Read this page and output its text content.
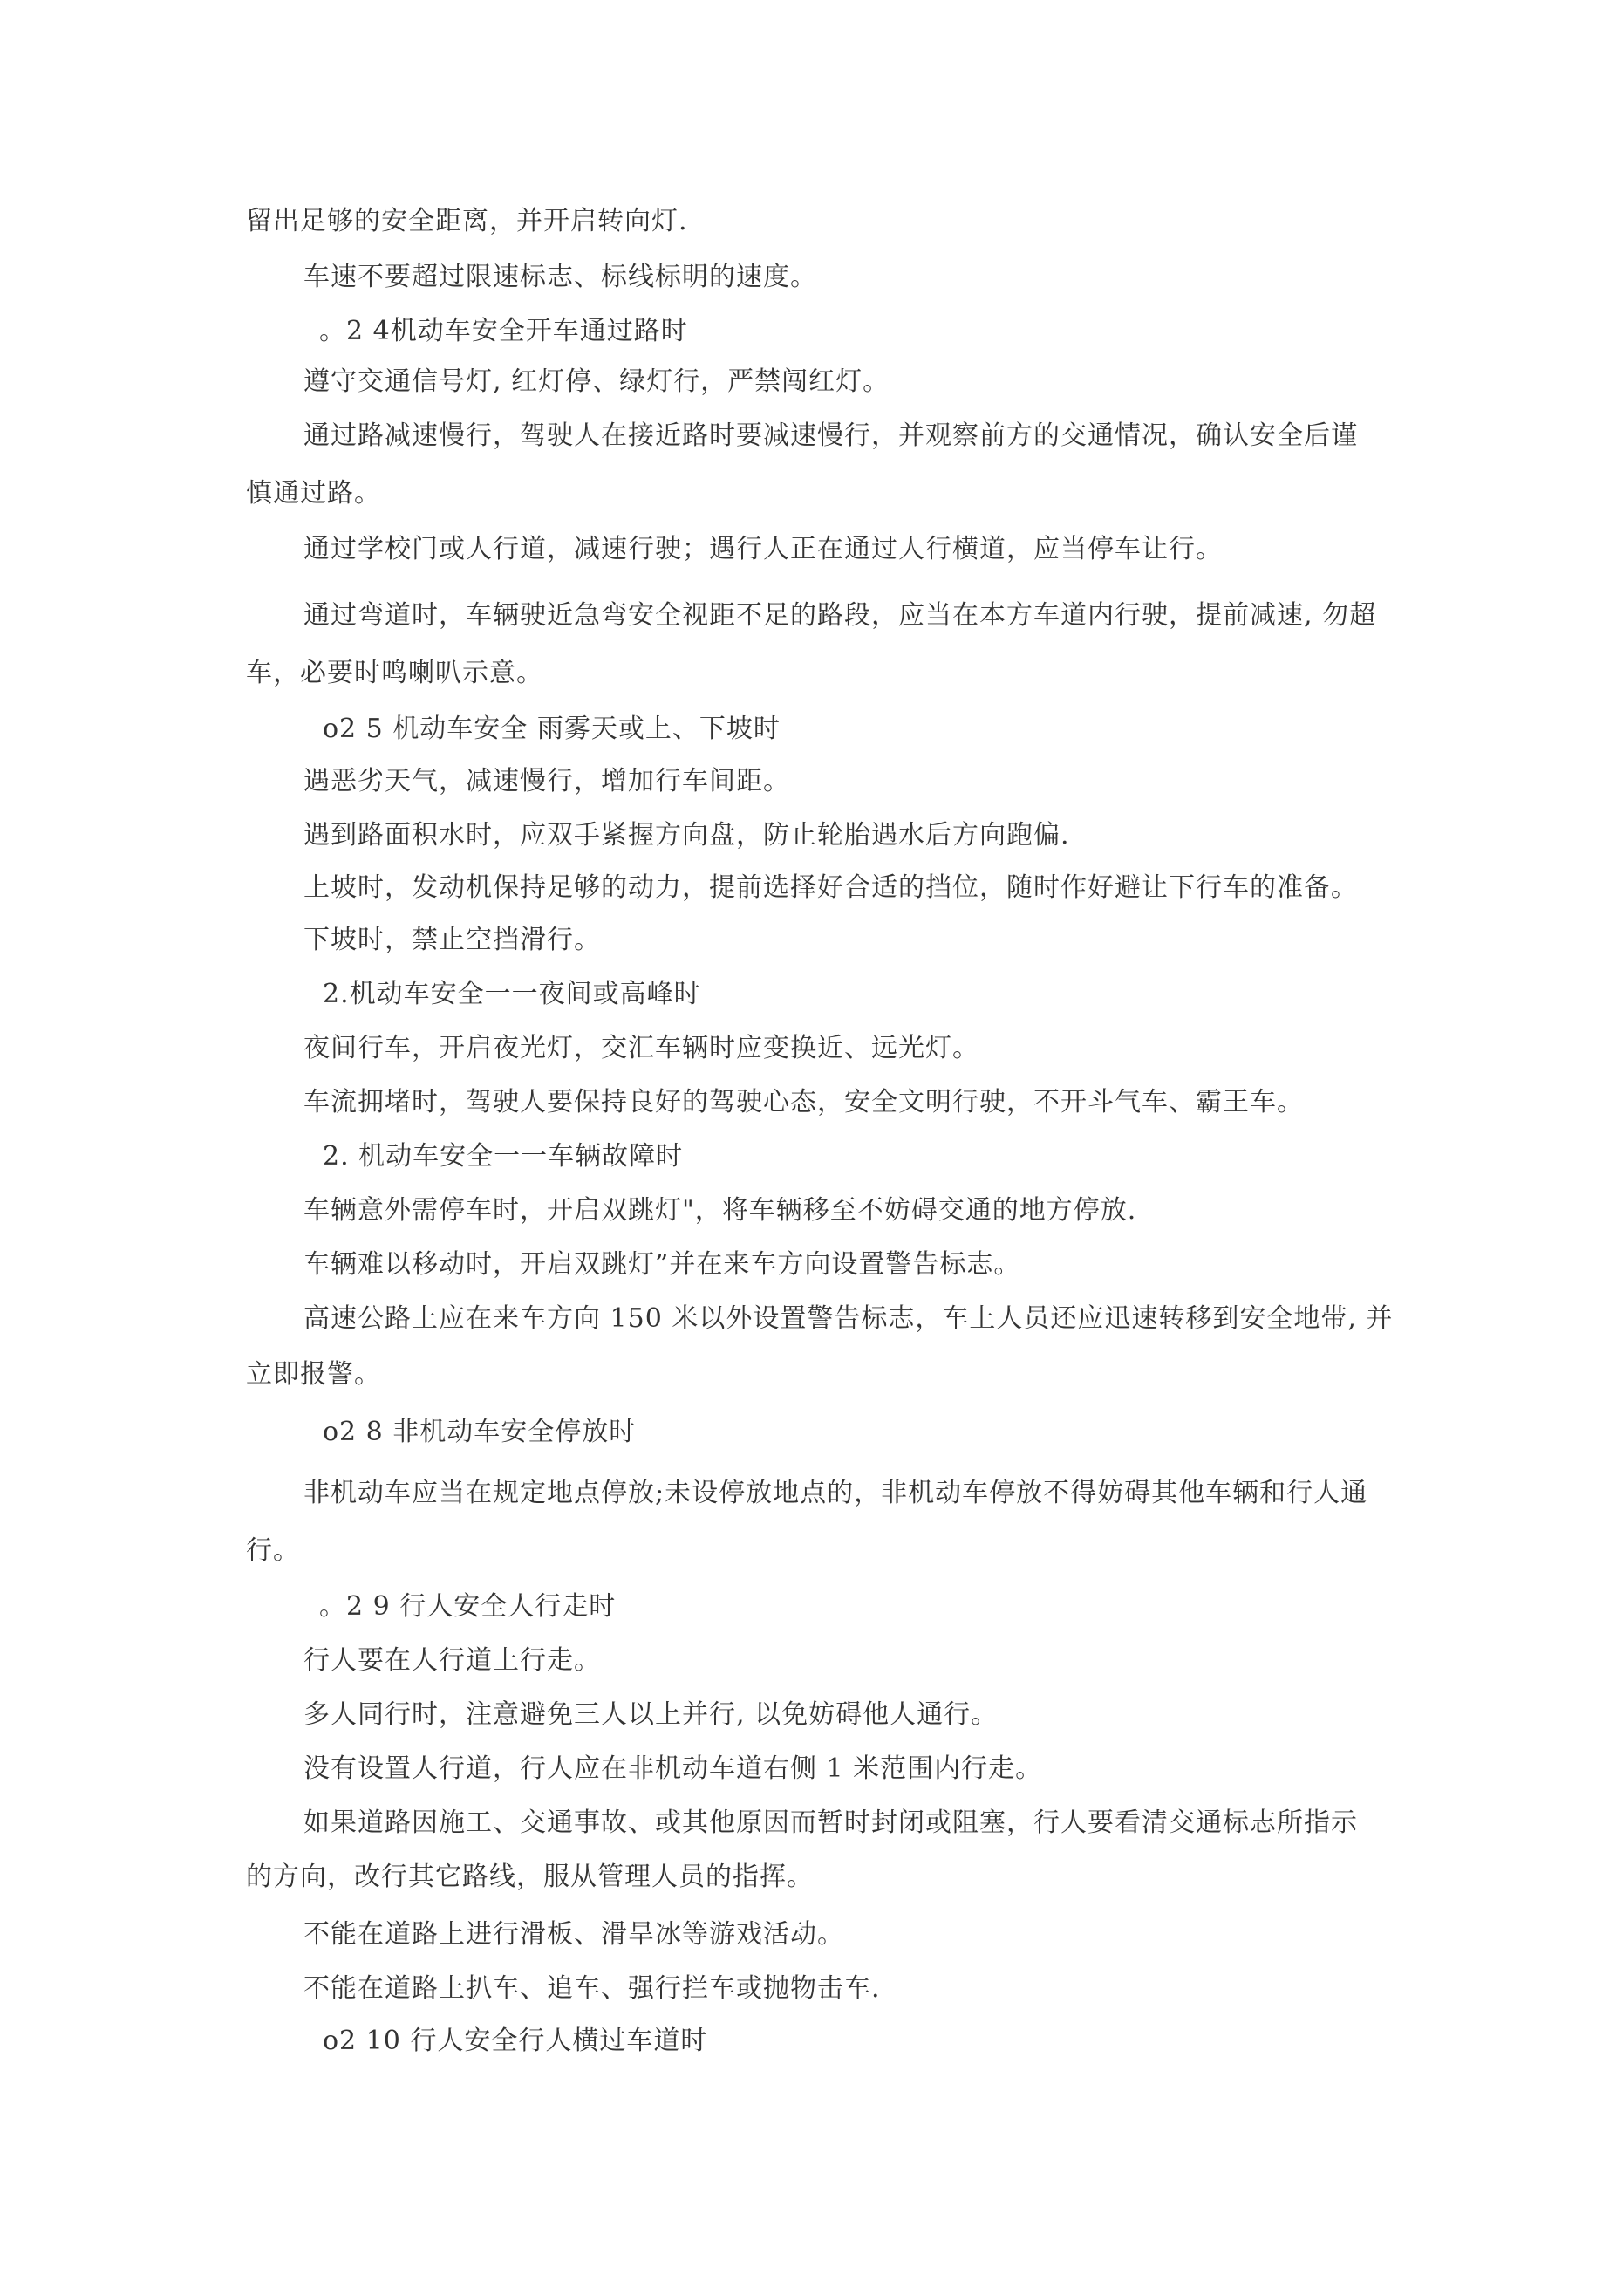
留出足够的安全距离，并开启转向灯.
车速不要超过限速标志、标线标明的速度。
。2 4机动车安全开车通过路时
遵守交通信号灯, 红灯停、绿灯行，严禁闯红灯。
通过路减速慢行，驾驶人在接近路时要减速慢行，并观察前方的交通情况，确认安全后谨
慎通过路。
通过学校门或人行道，减速行驶；遇行人正在通过人行横道，应当停车让行。
通过弯道时，车辆驶近急弯安全视距不足的路段，应当在本方车道内行驶，提前减速, 勿超
车，必要时鸣喇叭示意。
o2 5 机动车安全 雨雾天或上、下坡时
遇恶劣天气，减速慢行，增加行车间距。
遇到路面积水时，应双手紧握方向盘，防止轮胎遇水后方向跑偏.
上坡时，发动机保持足够的动力，提前选择好合适的挡位，随时作好避让下行车的准备。
下坡时，禁止空挡滑行。
2.机动车安全一一夜间或高峰时
夜间行车，开启夜光灯，交汇车辆时应变换近、远光灯。
车流拥堵时，驾驶人要保持良好的驾驶心态，安全文明行驶，不开斗气车、霸王车。
2. 机动车安全一一车辆故障时
车辆意外需停车时，开启双跳灯"，将车辆移至不妨碍交通的地方停放.
车辆难以移动时，开启双跳灯”并在来车方向设置警告标志。
高速公路上应在来车方向 150 米以外设置警告标志，车上人员还应迅速转移到安全地带, 并
立即报警。
o2 8 非机动车安全停放时
非机动车应当在规定地点停放;未设停放地点的，非机动车停放不得妨碍其他车辆和行人通
行。
。2 9 行人安全人行走时
行人要在人行道上行走。
多人同行时，注意避免三人以上并行, 以免妨碍他人通行。
没有设置人行道，行人应在非机动车道右侧 1 米范围内行走。
如果道路因施工、交通事故、或其他原因而暂时封闭或阻塞，行人要看清交通标志所指示
的方向，改行其它路线，服从管理人员的指挥。
不能在道路上进行滑板、滑旱冰等游戏活动。
不能在道路上扒车、追车、强行拦车或抛物击车.
o2 10 行人安全行人横过车道时
